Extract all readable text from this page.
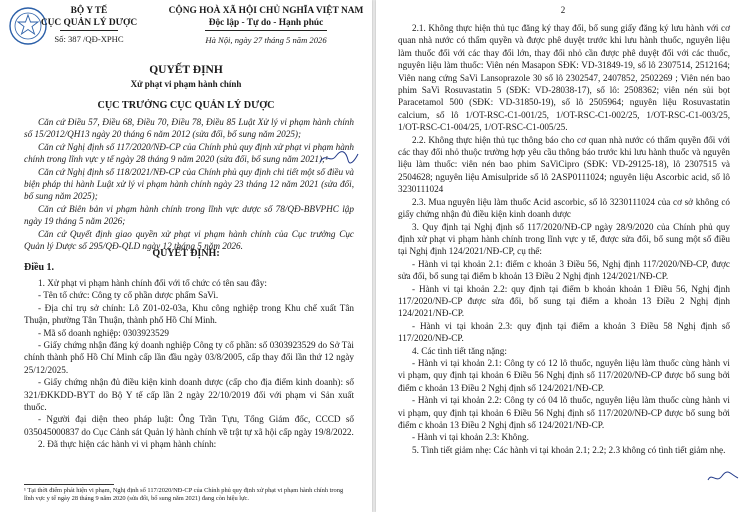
BỘ Y TẾ
CỤC QUẢN LÝ DƯỢC
Số: 387 /QĐ-XPHC
CỘNG HOÀ XÃ HỘI CHỦ NGHĨA VIỆT NAM
Độc lập - Tự do - Hạnh phúc
Hà Nội, ngày 27 tháng 5 năm 2026
QUYẾT ĐỊNH
Xử phạt vi phạm hành chính
CỤC TRƯỞNG CỤC QUẢN LÝ DƯỢC

Căn cứ Điều 57, Điều 68, Điều 70, Điều 78, Điều 85 Luật Xử lý vi phạm hành chính số 15/2012/QH13 ngày 20 tháng 6 năm 2012 (sửa đổi, bổ sung năm 2025);

Căn cứ Nghị định số 117/2020/NĐ-CP của Chính phủ quy định xử phạt vi phạm hành chính trong lĩnh vực y tế ngày 28 tháng 9 năm 2020 (sửa đổi, bổ sung năm 2021);¹

Căn cứ Nghị định số 118/2021/NĐ-CP của Chính phủ quy định chi tiết một số điều và biện pháp thi hành Luật xử lý vi phạm hành chính ngày 23 tháng 12 năm 2021 (sửa đổi, bổ sung năm 2025);

Căn cứ Biên bản vi phạm hành chính trong lĩnh vực dược số 78/QĐ-BBVPHC lập ngày 19 tháng 5 năm 2026;

Căn cứ Quyết định giao quyền xử phạt vi phạm hành chính của Cục trưởng Cục Quản lý Dược số 295/QĐ-QLD ngày 12 tháng 5 năm 2026.

QUYẾT ĐỊNH:
Điều 1.

1. Xử phạt vi phạm hành chính đối với tổ chức có tên sau đây:

- Tên tổ chức: Công ty cổ phần dược phẩm SaVi.

- Địa chỉ trụ sở chính: Lô Z01-02-03a, Khu công nghiệp trong Khu chế xuất Tân Thuận, phường Tân Thuận, thành phố Hồ Chí Minh.

- Mã số doanh nghiệp: 0303923529

- Giấy chứng nhận đăng ký doanh nghiệp Công ty cổ phần: số 0303923529 do Sở Tài chính thành phố Hồ Chí Minh cấp lần đầu ngày 03/8/2005, cấp thay đổi lần thứ 12 ngày 25/12/2025.

- Giấy chứng nhận đủ điều kiện kinh doanh dược (cấp cho địa điểm kinh doanh): số 321/ĐKKDD-BYT do Bộ Y tế cấp lần 2 ngày 22/10/2019 đối với phạm vi Sản xuất thuốc.

- Người đại diện theo pháp luật: Ông Trần Tựu, Tổng Giám đốc, CCCD số 035045000837 do Cục Cảnh sát Quản lý hành chính về trật tự xã hội cấp ngày 19/8/2022.

2. Đã thực hiện các hành vi vi phạm hành chính:

¹ Tại thời điểm phát hiện vi phạm, Nghị định số 117/2020/NĐ-CP của Chính phủ quy định xử phạt vi phạm hành chính trong lĩnh vực y tế ngày 28 tháng 9 năm 2020 (sửa đổi, bổ sung năm 2021) đang còn hiệu lực.
2

2.1. Không thực hiện thủ tục đăng ký thay đổi, bổ sung giấy đăng ký lưu hành với cơ quan nhà nước có thẩm quyền và được phê duyệt trước khi lưu hành thuốc, nguyên liệu làm thuốc đối với các thay đổi lớn, thay đổi nhỏ cần được phê duyệt đối với các thuốc, nguyên liệu làm thuốc: Viên nén Masapon SĐK: VD-31849-19, số lô 2307514, 2512164; Viên nang cứng SaVi Lansoprazole 30 số lô 2302547, 2407852, 2502269 ; Viên nén bao phim SaVi Rosuvastatin 5 (SĐK: VD-28038-17), số lô: 2508362; viên nén sủi bọt Paracetamol 500 (SĐK: VD-31850-19), số lô 2505964; nguyên liệu Rosuvastatin calcium, số lô 1/OT-RSC-C1-001/25, 1/OT-RSC-C1-002/25, 1/OT-RSC-C1-003/25, 1/OT-RSC-C1-004/25, 1/OT-RSC-C1-005/25.

2.2. Không thực hiện thủ tục thông báo cho cơ quan nhà nước có thẩm quyền đối với các thay đổi nhỏ thuộc trường hợp yêu cầu thông báo trước khi lưu hành thuốc và nguyên liệu làm thuốc: viên nén bao phim SaViCipro (SĐK: VD-29125-18), lô 2307515 và 2504628; nguyên liệu Amisulpride số lô 2ASP0111024; nguyên liệu Ascorbic acid, số lô 3230111024

2.3. Mua nguyên liệu làm thuốc Acid ascorbic, số lô 3230111024 của cơ sở không có giấy chứng nhận đủ điều kiện kinh doanh dược

3. Quy định tại Nghị định số 117/2020/NĐ-CP ngày 28/9/2020 của Chính phủ quy định xử phạt vi phạm hành chính trong lĩnh vực y tế, được sửa đổi, bổ sung một số điều tại Nghị định 124/2021/NĐ-CP, cụ thể:

- Hành vi tại khoản 2.1: điểm c khoản 3 Điều 56, Nghị định 117/2020/NĐ-CP, được sửa đổi, bổ sung tại điểm b khoản 13 Điều 2 Nghị định 124/2021/NĐ-CP.

- Hành vi tại khoản 2.2: quy định tại điểm b khoản khoản 1 Điều 56, Nghị định 117/2020/NĐ-CP được sửa đổi, bổ sung tại điểm a khoản 13 Điều 2 Nghị định 124/2021/NĐ-CP.

- Hành vi tại khoản 2.3: quy định tại điểm a khoản 3 Điều 58 Nghị định số 117/2020/NĐ-CP.

4. Các tình tiết tăng nặng:

- Hành vi tại khoản 2.1: Công ty có 12 lô thuốc, nguyên liệu làm thuốc cùng hành vi vi phạm, quy định tại khoản 6 Điều 56 Nghị định số 117/2020/NĐ-CP được bổ sung bởi điểm c khoản 13 Điều 2 Nghị định số 124/2021/NĐ-CP.

- Hành vi tại khoản 2.2: Công ty có 04 lô thuốc, nguyên liệu làm thuốc cùng hành vi vi phạm, quy định tại khoản 6 Điều 56 Nghị định số 117/2020/NĐ-CP được bổ sung bởi điểm c khoản 13 Điều 2 Nghị định số 124/2021/NĐ-CP.

- Hành vi tại khoản 2.3: Không.

5. Tình tiết giảm nhẹ: Các hành vi tại khoản 2.1; 2.2; 2.3 không có tình tiết giảm nhẹ.
